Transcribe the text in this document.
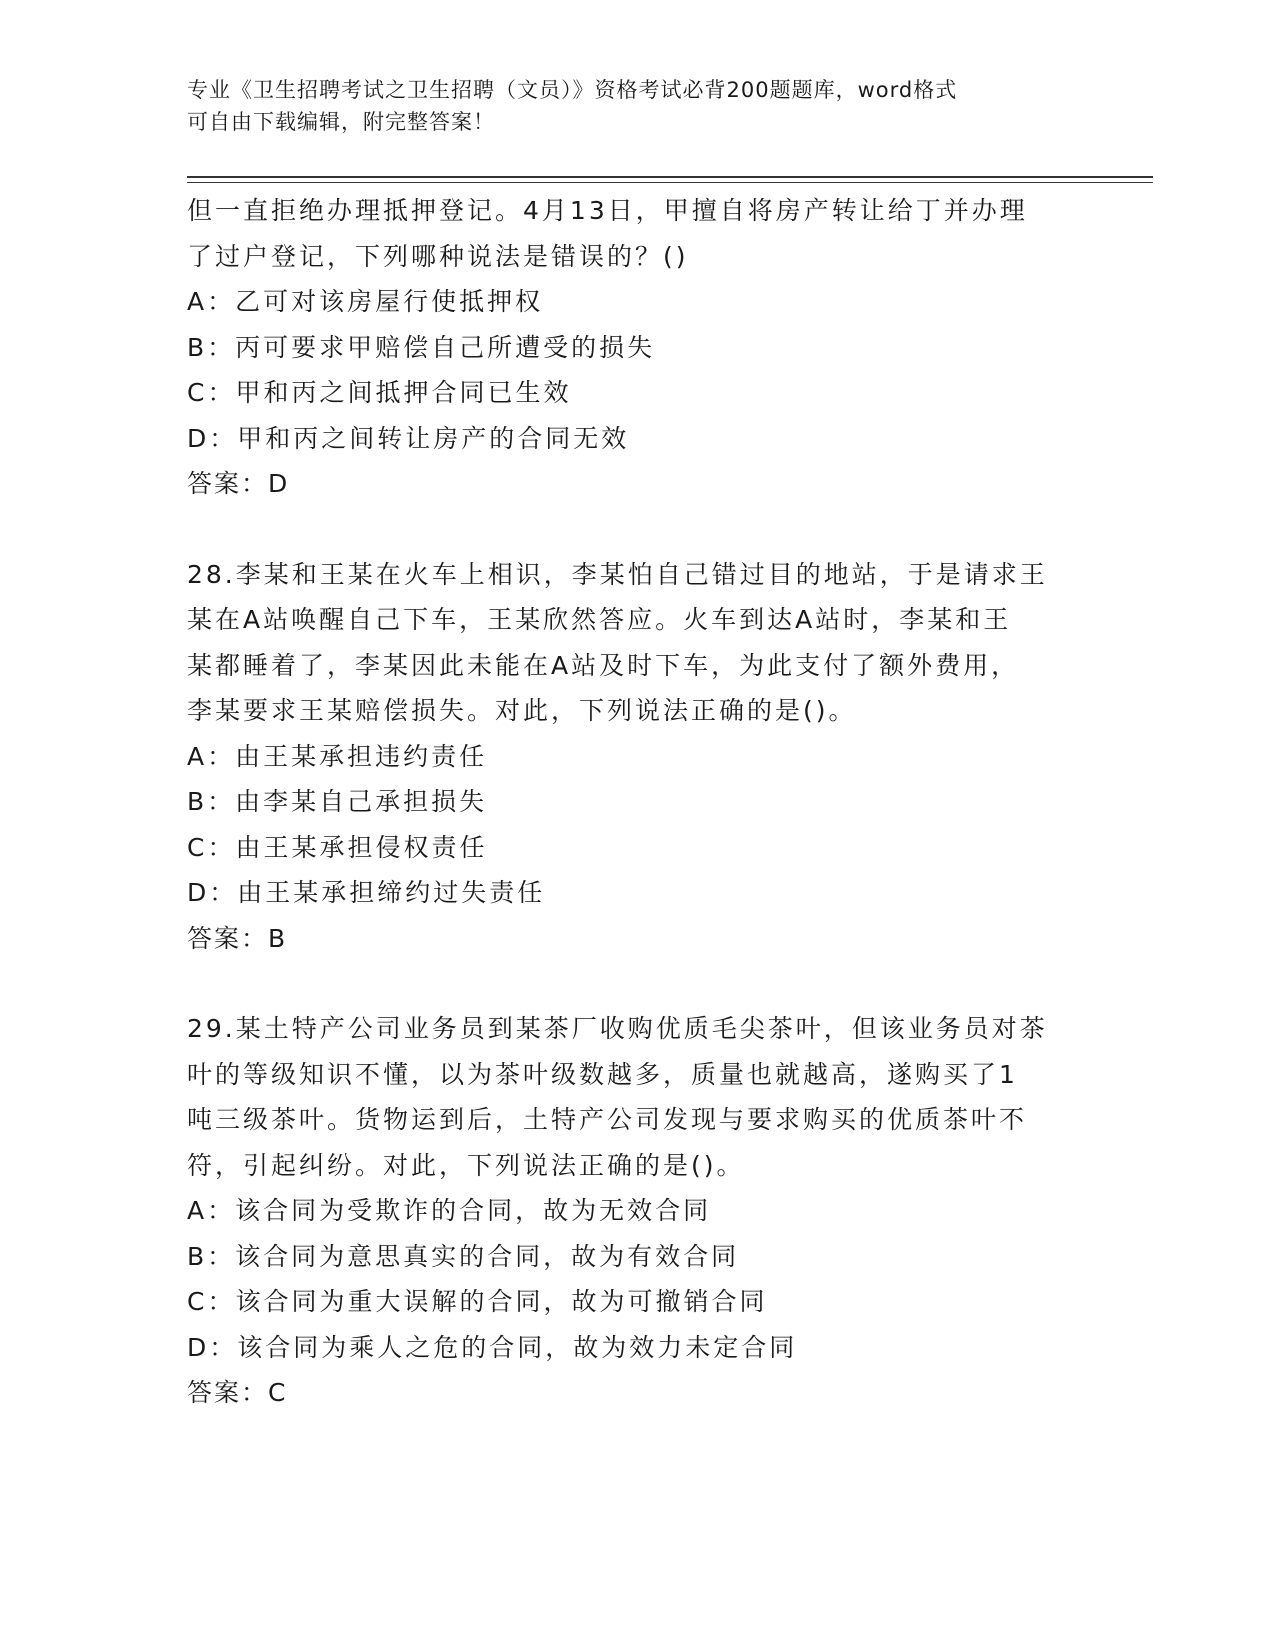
专业《卫生招聘考试之卫生招聘（文员）》资格考试必背200题题库，word格式
可自由下载编辑，附完整答案！
但一直拒绝办理抵押登记。4月13日，甲擅自将房产转让给丁并办理
了过户登记，下列哪种说法是错误的？()
A：乙可对该房屋行使抵押权
B：丙可要求甲赔偿自己所遭受的损失
C：甲和丙之间抵押合同已生效
D：甲和丙之间转让房产的合同无效
答案：D
28.李某和王某在火车上相识，李某怕自己错过目的地站，于是请求王
某在A站唤醒自己下车，王某欣然答应。火车到达A站时，李某和王
某都睡着了，李某因此未能在A站及时下车，为此支付了额外费用，
李某要求王某赔偿损失。对此，下列说法正确的是()。
A：由王某承担违约责任
B：由李某自己承担损失
C：由王某承担侵权责任
D：由王某承担缔约过失责任
答案：B
29.某土特产公司业务员到某茶厂收购优质毛尖茶叶，但该业务员对茶
叶的等级知识不懂，以为茶叶级数越多，质量也就越高，遂购买了1
吨三级茶叶。货物运到后，土特产公司发现与要求购买的优质茶叶不
符，引起纠纷。对此，下列说法正确的是()。
A：该合同为受欺诈的合同，故为无效合同
B：该合同为意思真实的合同，故为有效合同
C：该合同为重大误解的合同，故为可撤销合同
D：该合同为乘人之危的合同，故为效力未定合同
答案：C
